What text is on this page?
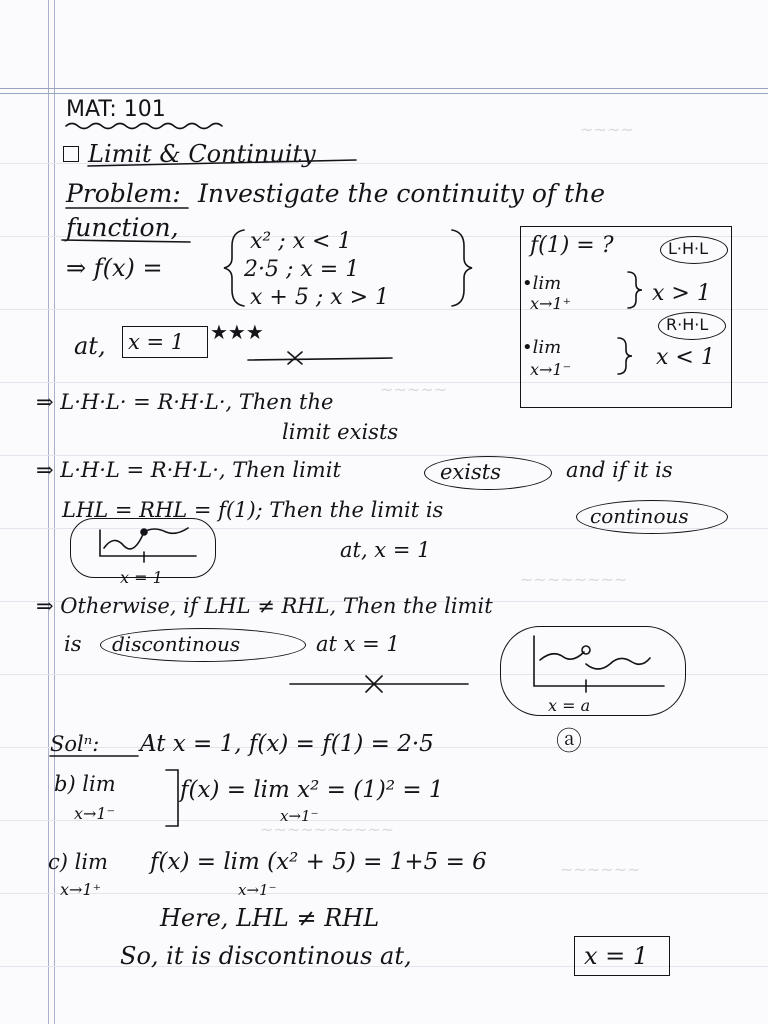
~~~~
~~~~~
~~~~~~~~
~~~~~~~~~~
~~~~~~
MAT: 101
Limit & Continuity
Problem: Investigate the continuity of the
function,
⇒ f(x) =
x² ; x < 1
2·5 ; x = 1
x + 5 ; x > 1
at, x = 1 ★★★
f(1) = ?	L·H·L
•lim
x→1⁺	x > 1
R·H·L
•lim
x→1⁻	x < 1
⇒ L·H·L· = R·H·L·, Then the
limit exists
⇒ L·H·L = R·H·L·, Then limit	exists	and if it is
LHL = RHL = f(1); Then the limit is	continous
at, x = 1
x = 1
⇒ Otherwise, if LHL ≠ RHL, Then the limit
is discontinous	at x = 1
x = a
Solⁿ: At x = 1, f(x) = f(1) = 2·5	ⓐ
b) lim
x→1⁻
f(x) = lim x² = (1)² = 1
x→1⁻
c) lim
x→1⁺
f(x) = lim (x² + 5) = 1+5 = 6
x→1⁻
Here, LHL ≠ RHL
So, it is discontinous at,	x = 1
